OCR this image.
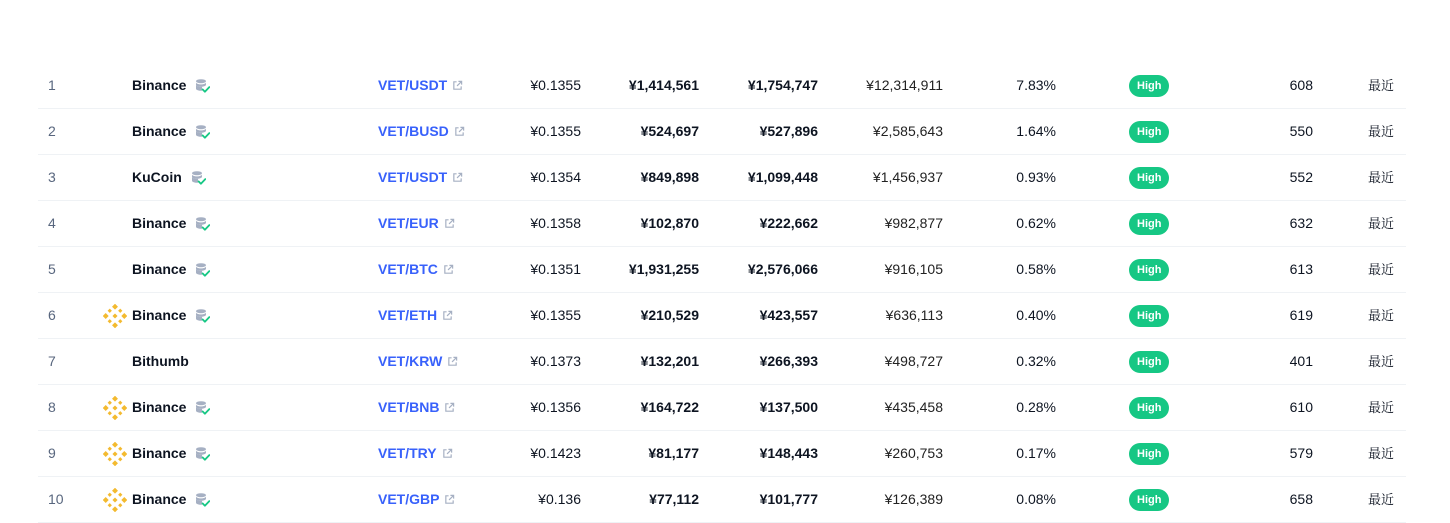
1	Binance	VET/USDT	¥0.1355	¥1,414,561	¥1,754,747	¥12,314,911	7.83%	High	608	最近
2	Binance	VET/BUSD	¥0.1355	¥524,697	¥527,896	¥2,585,643	1.64%	High	550	最近
3	KuCoin	VET/USDT	¥0.1354	¥849,898	¥1,099,448	¥1,456,937	0.93%	High	552	最近
4	Binance	VET/EUR	¥0.1358	¥102,870	¥222,662	¥982,877	0.62%	High	632	最近
5	Binance	VET/BTC	¥0.1351	¥1,931,255	¥2,576,066	¥916,105	0.58%	High	613	最近
6	Binance	VET/ETH	¥0.1355	¥210,529	¥423,557	¥636,113	0.40%	High	619	最近
7	Bithumb	VET/KRW	¥0.1373	¥132,201	¥266,393	¥498,727	0.32%	High	401	最近
8	Binance	VET/BNB	¥0.1356	¥164,722	¥137,500	¥435,458	0.28%	High	610	最近
9	Binance	VET/TRY	¥0.1423	¥81,177	¥148,443	¥260,753	0.17%	High	579	最近
10	Binance	VET/GBP	¥0.136	¥77,112	¥101,777	¥126,389	0.08%	High	658	最近
